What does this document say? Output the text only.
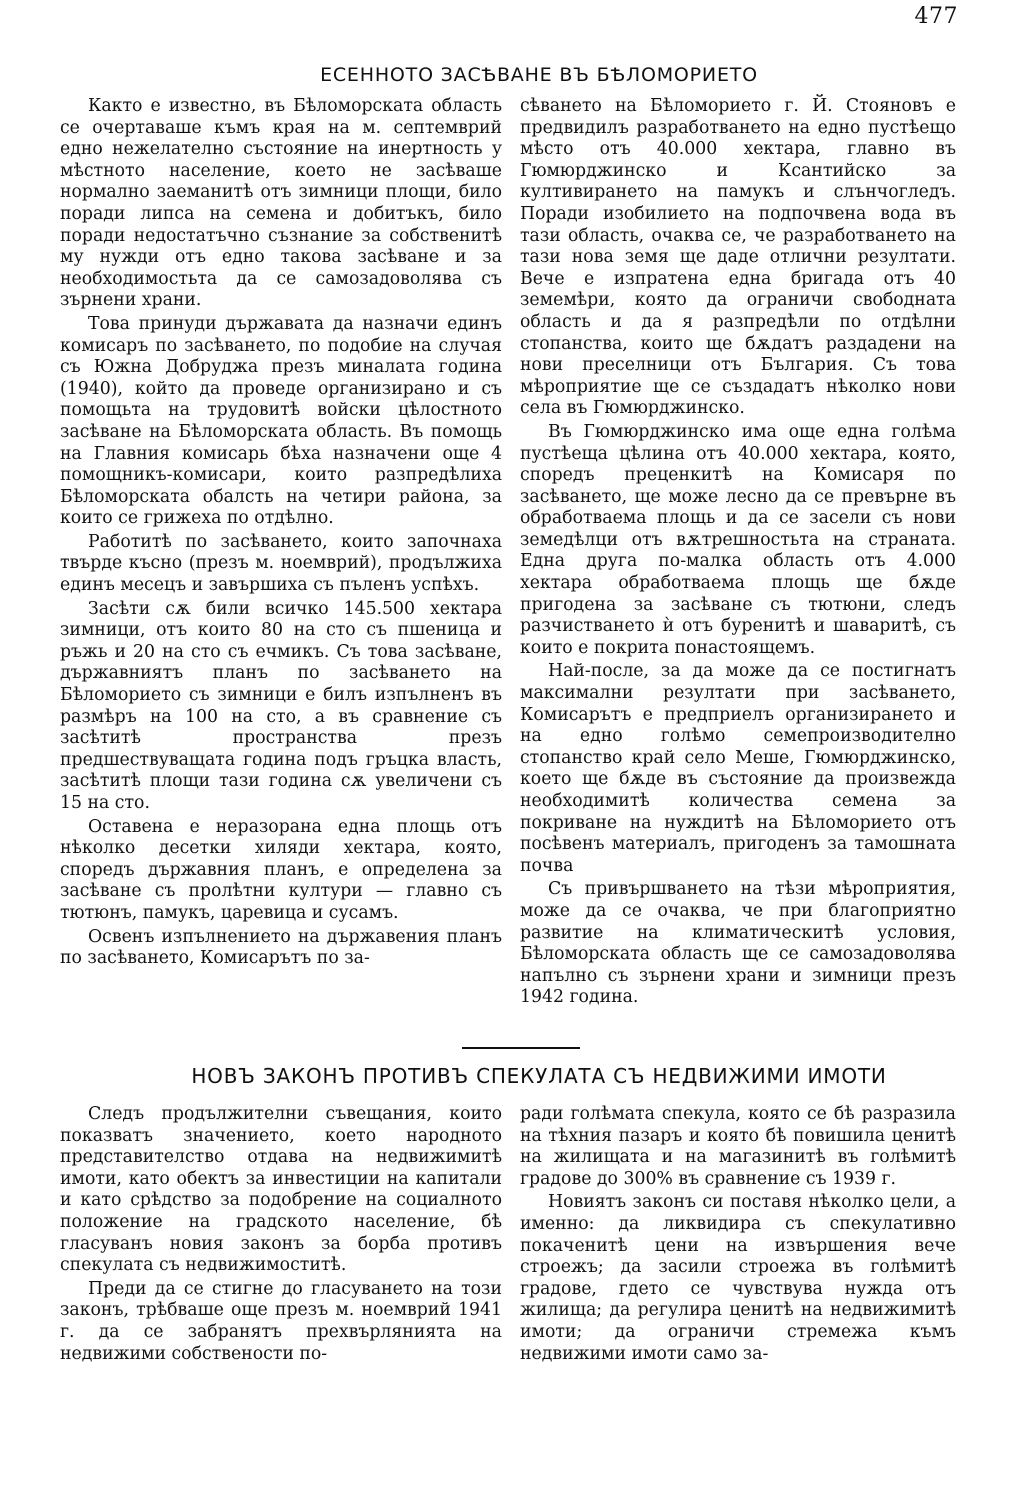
477
ЕСЕННОТО ЗАСѢВАНЕ ВЪ БѢЛОМОРИЕТО

Както е известно, въ Бѣломорската область се очертаваше къмъ края на м. септемврий едно нежелателно състояние на инертность у мѣстното население, което не засѣваше нормално заеманитѣ отъ зимници площи, било поради липса на семена и добитъкъ, било поради недостатъчно съзнание за собственитѣ му нужди отъ едно такова засѣване и за необходимостьта да се самозадоволява съ зърнени храни.

Това принуди държавата да назначи единъ комисаръ по засѣването, по подобие на случая съ Южна Добруджа презъ миналата година (1940), който да проведе организирано и съ помощьта на трудовитѣ войски цѣлостното засѣване на Бѣломорската область. Въ помощь на Главния комисарь бѣха назначени още 4 помощникъ-комисари, които разпредѣлиха Бѣломорската обалсть на четири района, за които се грижеха по отдѣлно.

Работитѣ по засѣването, които започнаха твърде късно (презъ м. ноемврий), продължиха единъ месецъ и завършиха съ пъленъ успѣхъ.

Засѣти сѫ били всичко 145.500 хектара зимници, отъ които 80 на сто съ пшеница и ръжь и 20 на сто съ ечмикъ. Съ това засѣване, държавниятъ планъ по засѣването на Бѣломорието съ зимници е билъ изпълненъ въ размѣръ на 100 на сто, а въ сравнение съ засѣтитѣ пространства презъ предшествуващата година подъ гръцка власть, засѣтитѣ площи тази година сѫ увеличени съ 15 на сто.

Оставена е неразорана една площь отъ нѣколко десетки хиляди хектара, която, споредъ държавния планъ, е определена за засѣване съ пролѣтни култури — главно съ тютюнъ, памукъ, царевица и сусамъ.

Освенъ изпълнението на държавения планъ по засѣването, Комисарътъ по за-

сѣването на Бѣломорието г. Й. Стояновъ е предвидилъ разработването на едно пустѣещо мѣсто отъ 40.000 хектара, главно въ Гюмюрджинско и Ксантийско за култивирането на памукъ и слънчогледъ. Поради изобилието на подпочвена вода въ тази область, очаква се, че разработването на тази нова земя ще даде отлични резултати. Вече е изпратена една бригада отъ 40 земемѣри, която да ограничи свободната область и да я разпредѣли по отдѣлни стопанства, които ще бѫдатъ раздадени на нови преселници отъ България. Съ това мѣроприятие ще се създадатъ нѣколко нови села въ Гюмюрджинско.

Въ Гюмюрджинско има още една голѣма пустѣеща цѣлина отъ 40.000 хектара, която, споредъ преценкитѣ на Комисаря по засѣването, ще може лесно да се превърне въ обработваема площь и да се засели съ нови земедѣлци отъ вѫтрешностьта на страната. Една друга по-малка область отъ 4.000 хектара обработваема площь ще бѫде пригодена за засѣване съ тютюни, следъ разчистването ѝ отъ буренитѣ и шаваритѣ, съ които е покрита понастоящемъ.

Най-после, за да може да се постигнатъ максимални резултати при засѣването, Комисарътъ е предприелъ организирането и на едно голѣмо семепроизводително стопанство край село Меше, Гюмюрджинско, което ще бѫде въ състояние да произвежда необходимитѣ количества семена за покриване на нуждитѣ на Бѣломорието отъ посѣвенъ материалъ, пригоденъ за тамошната почва

Съ привършването на тѣзи мѣроприятия, може да се очаква, че при благоприятно развитие на климатическитѣ условия, Бѣломорската область ще се самозадоволява напълно съ зърнени храни и зимници презъ 1942 година.

НОВЪ ЗАКОНЪ ПРОТИВЪ СПЕКУЛАТА СЪ НЕДВИЖИМИ ИМОТИ

Следъ продължителни съвещания, които показватъ значението, което народното представителство отдава на недвижимитѣ имоти, като обектъ за инвестиции на капитали и като срѣдство за подобрение на социалното положение на градското население, бѣ гласуванъ новия законъ за борба противъ спекулата съ недвижимоститѣ.

Преди да се стигне до гласуването на този законъ, трѣбваше още презъ м. ноемврий 1941 г. да се забранятъ прехвърлянията на недвижими собствености по-

ради голѣмата спекула, която се бѣ разразила на тѣхния пазаръ и която бѣ повишила ценитѣ на жилищата и на магазинитѣ въ голѣмитѣ градове до 300% въ сравнение съ 1939 г.

Новиятъ законъ си поставя нѣколко цели, а именно: да ликвидира съ спекулативно покаченитѣ цени на извършения вече строежъ; да засили строежа въ голѣмитѣ градове, гдето се чувствува нужда отъ жилища; да регулира ценитѣ на недвижимитѣ имоти; да ограничи стремежа къмъ недвижими имоти само за-
